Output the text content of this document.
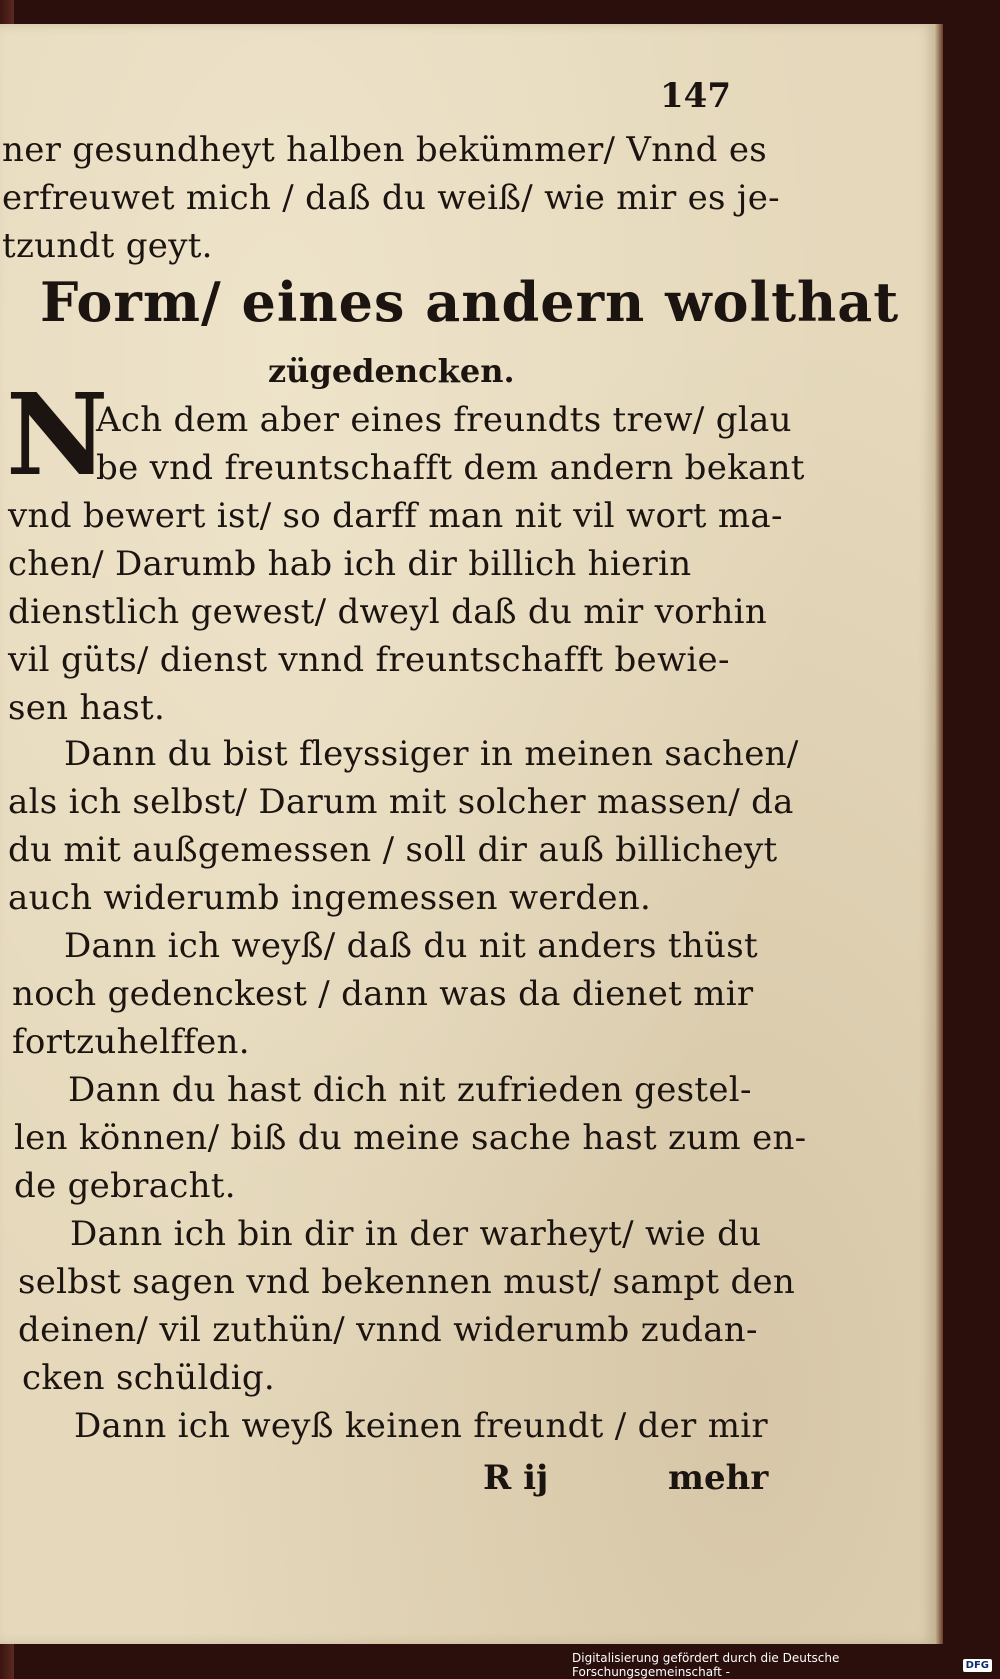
147
ner gesundheyt halben bekümmer/ Vnnd es
erfreuwet mich / daß du weiß/ wie mir es je-
tzundt geyt.
Form/ eines andern wolthat
zügedencken.
N
Ach dem aber eines freundts trew/ glau
be vnd freuntschafft dem andern bekant
vnd bewert ist/ so darff man nit vil wort ma-
chen/ Darumb hab ich dir billich hierin
dienstlich gewest/ dweyl daß du mir vorhin
vil güts/ dienst vnnd freuntschafft bewie-
sen hast.
Dann du bist fleyssiger in meinen sachen/
als ich selbst/ Darum mit solcher massen/ da
du mit außgemessen / soll dir auß billicheyt
auch widerumb ingemessen werden.
Dann ich weyß/ daß du nit anders thüst
noch gedenckest / dann was da dienet mir
fortzuhelffen.
Dann du hast dich nit zufrieden gestel-
len können/ biß du meine sache hast zum en-
de gebracht.
Dann ich bin dir in der warheyt/ wie du
selbst sagen vnd bekennen must/ sampt den
deinen/ vil zuthün/ vnnd widerumb zudan-
cken schüldig.
Dann ich weyß keinen freundt / der mir
R ij	mehr
Digitalisierung gefördert durch die Deutsche Forschungsgemeinschaft -	DFG
